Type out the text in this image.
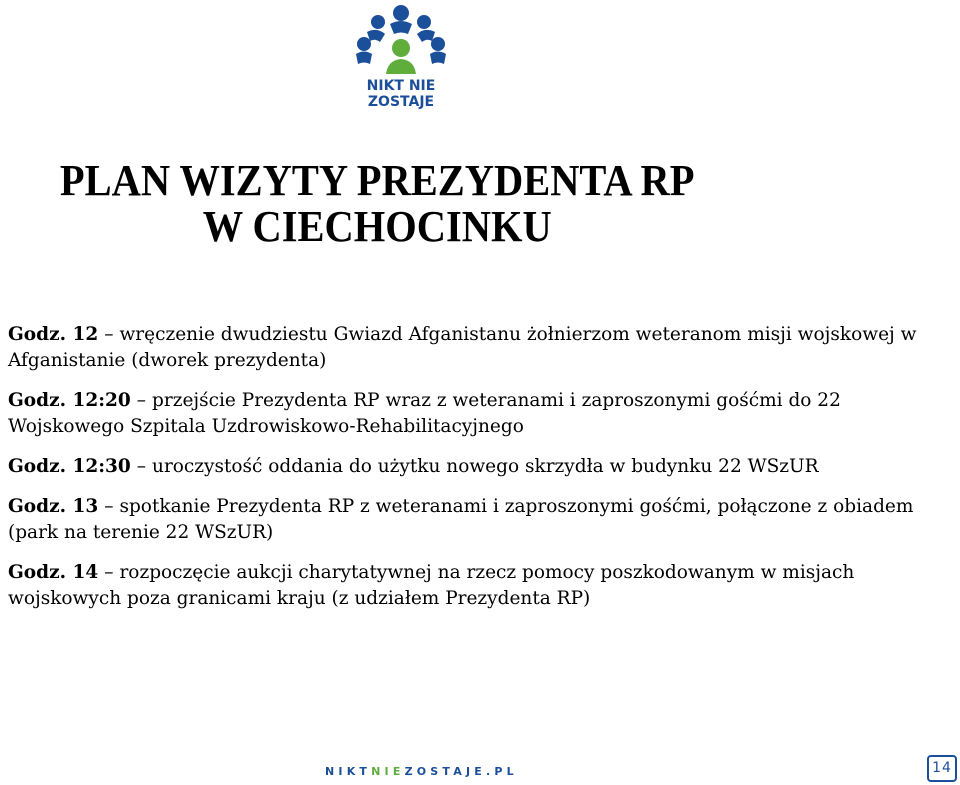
NIKT NIE
ZOSTAJE
PLAN WIZYTY PREZYDENTA RP
W CIECHOCINKU
Godz. 12 – wręczenie dwudziestu Gwiazd Afganistanu żołnierzom weteranom misji wojskowej w Afganistanie (dworek prezydenta)
Godz. 12:20 – przejście Prezydenta RP wraz z weteranami i zaproszonymi gośćmi do 22 Wojskowego Szpitala Uzdrowiskowo-Rehabilitacyjnego
Godz. 12:30 – uroczystość oddania do użytku nowego skrzydła w budynku 22 WSzUR
Godz. 13 – spotkanie Prezydenta RP z weteranami i zaproszonymi gośćmi, połączone z obiadem (park na terenie 22 WSzUR)
Godz. 14 – rozpoczęcie aukcji charytatywnej na rzecz pomocy poszkodowanym w misjach wojskowych poza granicami kraju (z udziałem Prezydenta RP)
NIKTNIEZOSTAJE.PL	14
